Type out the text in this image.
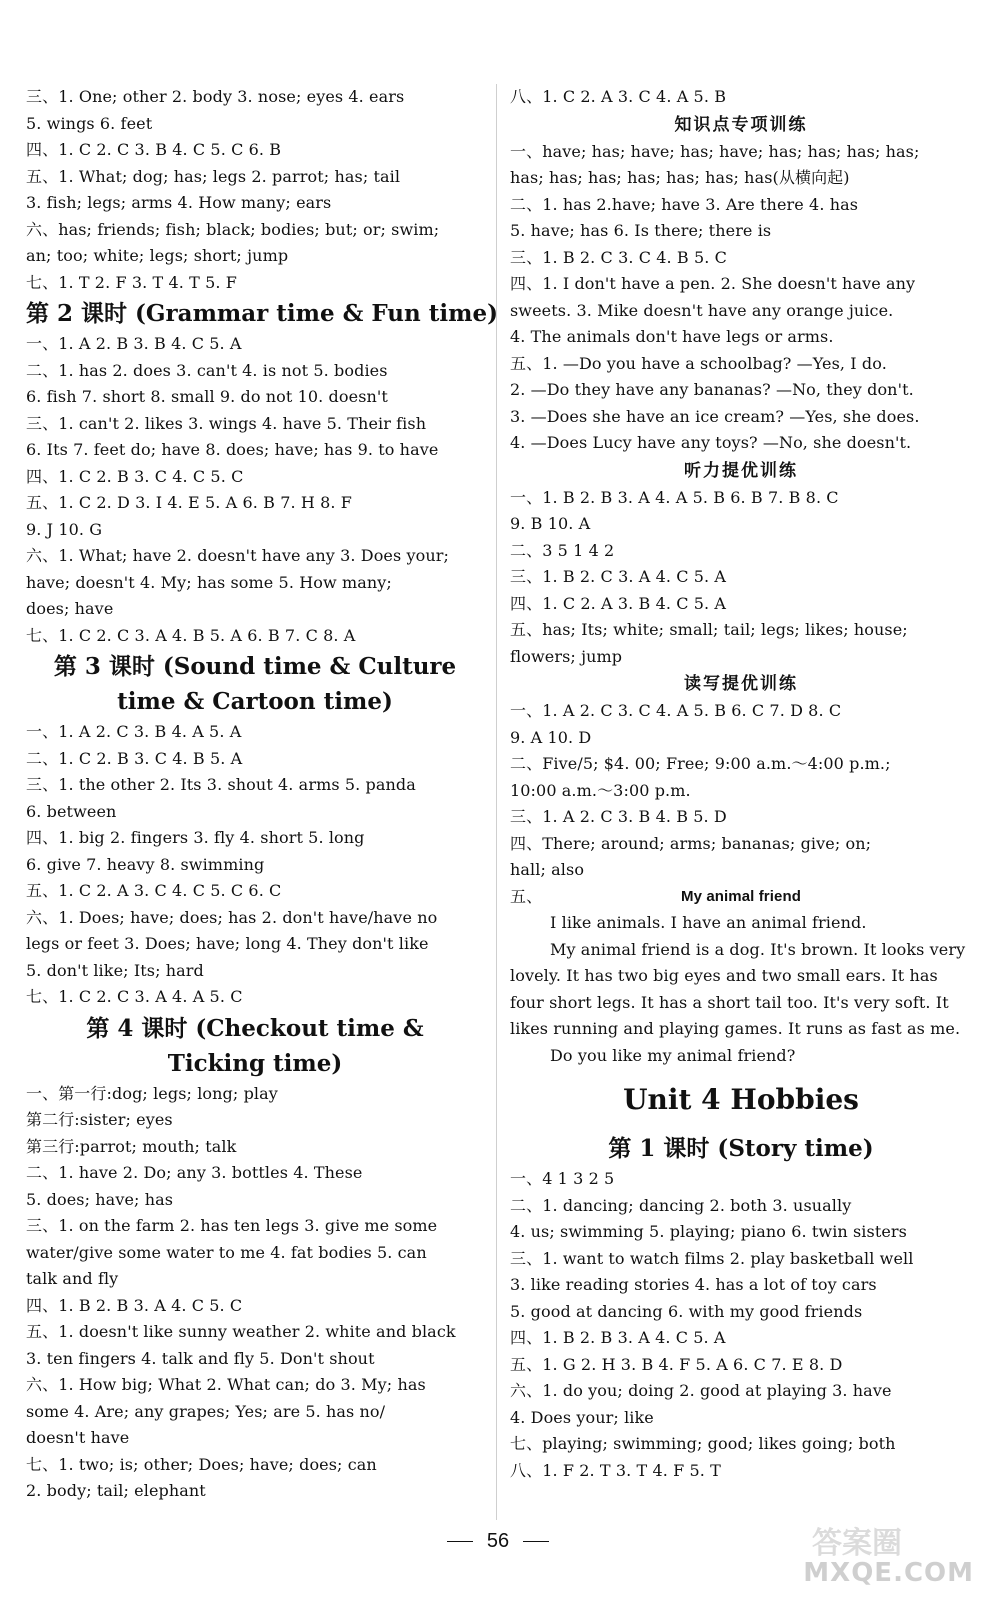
三、1. One; other 2. body 3. nose; eyes 4. ears
5. wings 6. feet
四、1. C 2. C 3. B 4. C 5. C 6. B
五、1. What; dog; has; legs 2. parrot; has; tail
3. fish; legs; arms 4. How many; ears
六、has; friends; fish; black; bodies; but; or; swim;
an; too; white; legs; short; jump
七、1. T 2. F 3. T 4. T 5. F
第 2 课时 (Grammar time & Fun time)
一、1. A 2. B 3. B 4. C 5. A
二、1. has 2. does 3. can't 4. is not 5. bodies
6. fish 7. short 8. small 9. do not 10. doesn't
三、1. can't 2. likes 3. wings 4. have 5. Their fish
6. Its 7. feet do; have 8. does; have; has 9. to have
四、1. C 2. B 3. C 4. C 5. C
五、1. C 2. D 3. I 4. E 5. A 6. B 7. H 8. F
9. J 10. G
六、1. What; have 2. doesn't have any 3. Does your;
have; doesn't 4. My; has some 5. How many;
does; have
七、1. C 2. C 3. A 4. B 5. A 6. B 7. C 8. A
第 3 课时 (Sound time & Culture
time & Cartoon time)
一、1. A 2. C 3. B 4. A 5. A
二、1. C 2. B 3. C 4. B 5. A
三、1. the other 2. Its 3. shout 4. arms 5. panda
6. between
四、1. big 2. fingers 3. fly 4. short 5. long
6. give 7. heavy 8. swimming
五、1. C 2. A 3. C 4. C 5. C 6. C
六、1. Does; have; does; has 2. don't have/have no
legs or feet 3. Does; have; long 4. They don't like
5. don't like; Its; hard
七、1. C 2. C 3. A 4. A 5. C
第 4 课时 (Checkout time &
Ticking time)
一、第一行:dog; legs; long; play
第二行:sister; eyes
第三行:parrot; mouth; talk
二、1. have 2. Do; any 3. bottles 4. These
5. does; have; has
三、1. on the farm 2. has ten legs 3. give me some
water/give some water to me 4. fat bodies 5. can
talk and fly
四、1. B 2. B 3. A 4. C 5. C
五、1. doesn't like sunny weather 2. white and black
3. ten fingers 4. talk and fly 5. Don't shout
六、1. How big; What 2. What can; do 3. My; has
some 4. Are; any grapes; Yes; are 5. has no/
doesn't have
七、1. two; is; other; Does; have; does; can
2. body; tail; elephant
八、1. C 2. A 3. C 4. A 5. B
知识点专项训练
一、have; has; have; has; have; has; has; has; has;
has; has; has; has; has; has; has(从横向起)
二、1. has 2.have; have 3. Are there 4. has
5. have; has 6. Is there; there is
三、1. B 2. C 3. C 4. B 5. C
四、1. I don't have a pen. 2. She doesn't have any
sweets. 3. Mike doesn't have any orange juice.
4. The animals don't have legs or arms.
五、1. —Do you have a schoolbag? —Yes, I do.
2. —Do they have any bananas? —No, they don't.
3. —Does she have an ice cream? —Yes, she does.
4. —Does Lucy have any toys? —No, she doesn't.
听力提优训练
一、1. B 2. B 3. A 4. A 5. B 6. B 7. B 8. C
9. B 10. A
二、3 5 1 4 2
三、1. B 2. C 3. A 4. C 5. A
四、1. C 2. A 3. B 4. C 5. A
五、has; Its; white; small; tail; legs; likes; house;
flowers; jump
读写提优训练
一、1. A 2. C 3. C 4. A 5. B 6. C 7. D 8. C
9. A 10. D
二、Five/5; $4. 00; Free; 9:00 a.m.～4:00 p.m.;
10:00 a.m.～3:00 p.m.
三、1. A 2. C 3. B 4. B 5. D
四、There; around; arms; bananas; give; on;
hall; also
五、	My animal friend
I like animals. I have an animal friend.
My animal friend is a dog. It's brown. It looks very
lovely. It has two big eyes and two small ears. It has
four short legs. It has a short tail too. It's very soft. It
likes running and playing games. It runs as fast as me.
Do you like my animal friend?
Unit 4 Hobbies
第 1 课时 (Story time)
一、4 1 3 2 5
二、1. dancing; dancing 2. both 3. usually
4. us; swimming 5. playing; piano 6. twin sisters
三、1. want to watch films 2. play basketball well
3. like reading stories 4. has a lot of toy cars
5. good at dancing 6. with my good friends
四、1. B 2. B 3. A 4. C 5. A
五、1. G 2. H 3. B 4. F 5. A 6. C 7. E 8. D
六、1. do you; doing 2. good at playing 3. have
4. Does your; like
七、playing; swimming; good; likes going; both
八、1. F 2. T 3. T 4. F 5. T
56	答案圈
MXQE.COM
